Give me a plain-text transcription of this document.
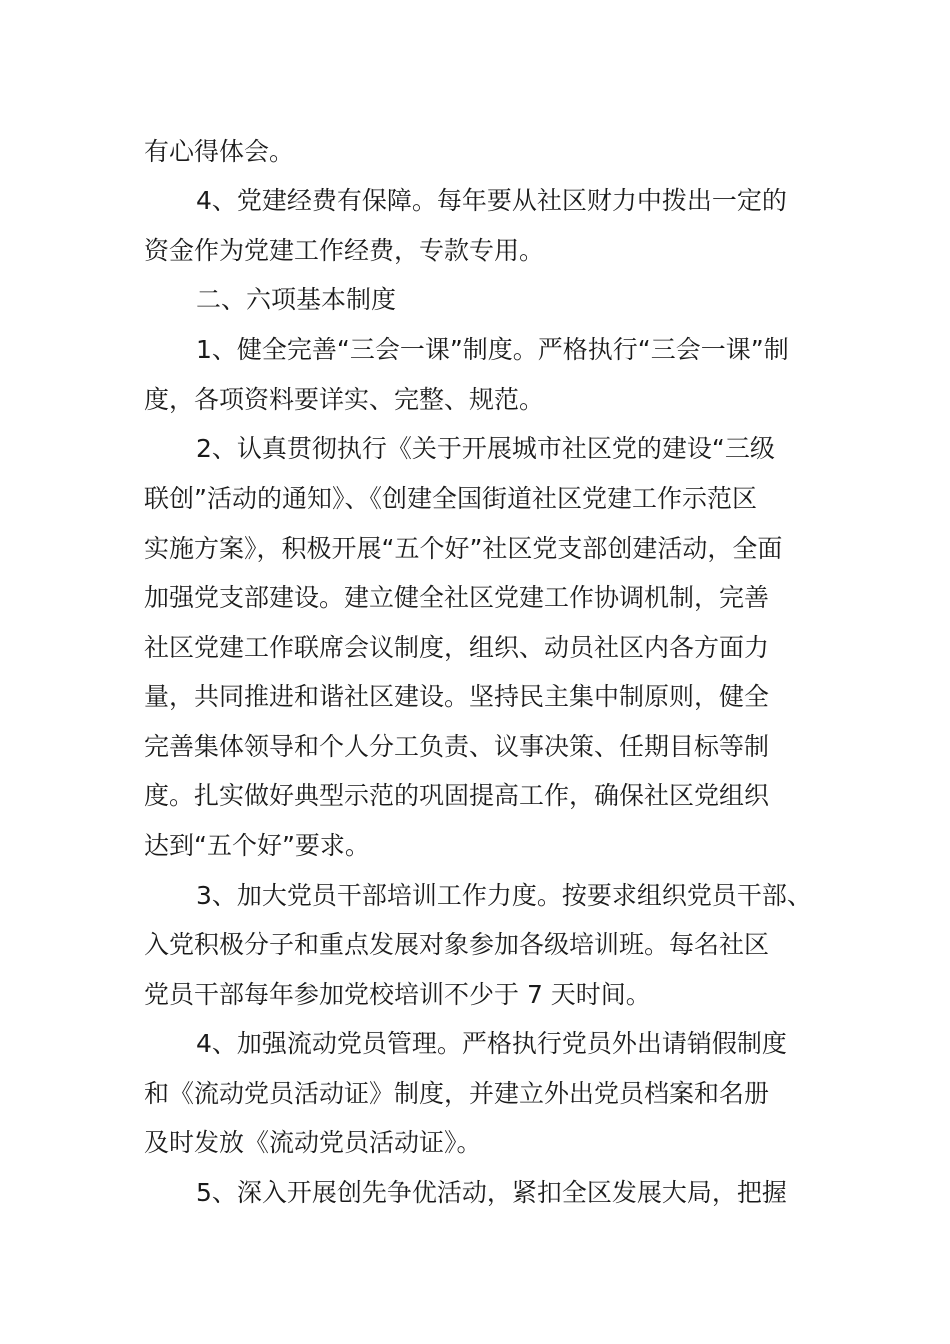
有心得体会。
4、党建经费有保障。每年要从社区财力中拨出一定的
资金作为党建工作经费，专款专用。
二、六项基本制度
1、健全完善“三会一课”制度。严格执行“三会一课”制
度，各项资料要详实、完整、规范。
2、认真贯彻执行《关于开展城市社区党的建设“三级
联创”活动的通知》、《创建全国街道社区党建工作示范区
实施方案》，积极开展“五个好”社区党支部创建活动，全面
加强党支部建设。建立健全社区党建工作协调机制，完善
社区党建工作联席会议制度，组织、动员社区内各方面力
量，共同推进和谐社区建设。坚持民主集中制原则，健全
完善集体领导和个人分工负责、议事决策、任期目标等制
度。扎实做好典型示范的巩固提高工作，确保社区党组织
达到“五个好”要求。
3、加大党员干部培训工作力度。按要求组织党员干部、
入党积极分子和重点发展对象参加各级培训班。每名社区
党员干部每年参加党校培训不少于 7 天时间。
4、加强流动党员管理。严格执行党员外出请销假制度
和《流动党员活动证》制度，并建立外出党员档案和名册
及时发放《流动党员活动证》。
5、深入开展创先争优活动，紧扣全区发展大局，把握
